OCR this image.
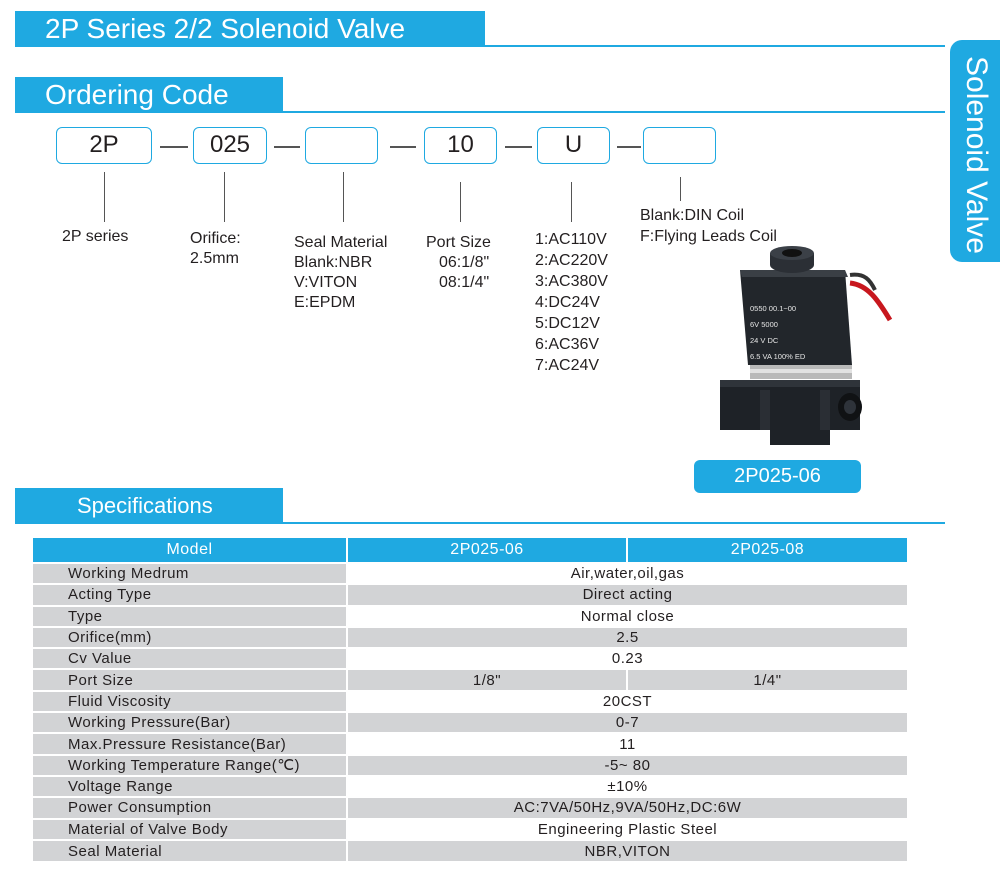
2P Series 2/2 Solenoid Valve
Solenoid Valve
Ordering Code
2P	025	10	U
2P series	Orifice:
2.5mm
Seal Material
Blank:NBR
V:VITON
E:EPDM
Port Size
06:1/8"
08:1/4"
1:AC110V
2:AC220V
3:AC380V
4:DC24V
5:DC12V
6:AC36V
7:AC24V
Blank:DIN Coil
F:Flying Leads Coil
0550 00.1~00
6V 5000
24 V DC
6.5 VA 100% ED
2P025-06
Specifications
Model	2P025-06	2P025-08
Working Medrum	Air,water,oil,gas	
Acting Type	Direct acting	
Type	Normal close	
Orifice(mm)	2.5	
Cv Value	0.23	
Port Size	1/8"	1/4"
Fluid Viscosity	20CST	
Working Pressure(Bar)	0-7	
Max.Pressure Resistance(Bar)	11	
Working Temperature Range(℃)	-5~ 80	
Voltage Range	±10%	
Power Consumption	AC:7VA/50Hz,9VA/50Hz,DC:6W	
Material of Valve Body	Engineering Plastic Steel	
Seal Material	NBR,VITON	
